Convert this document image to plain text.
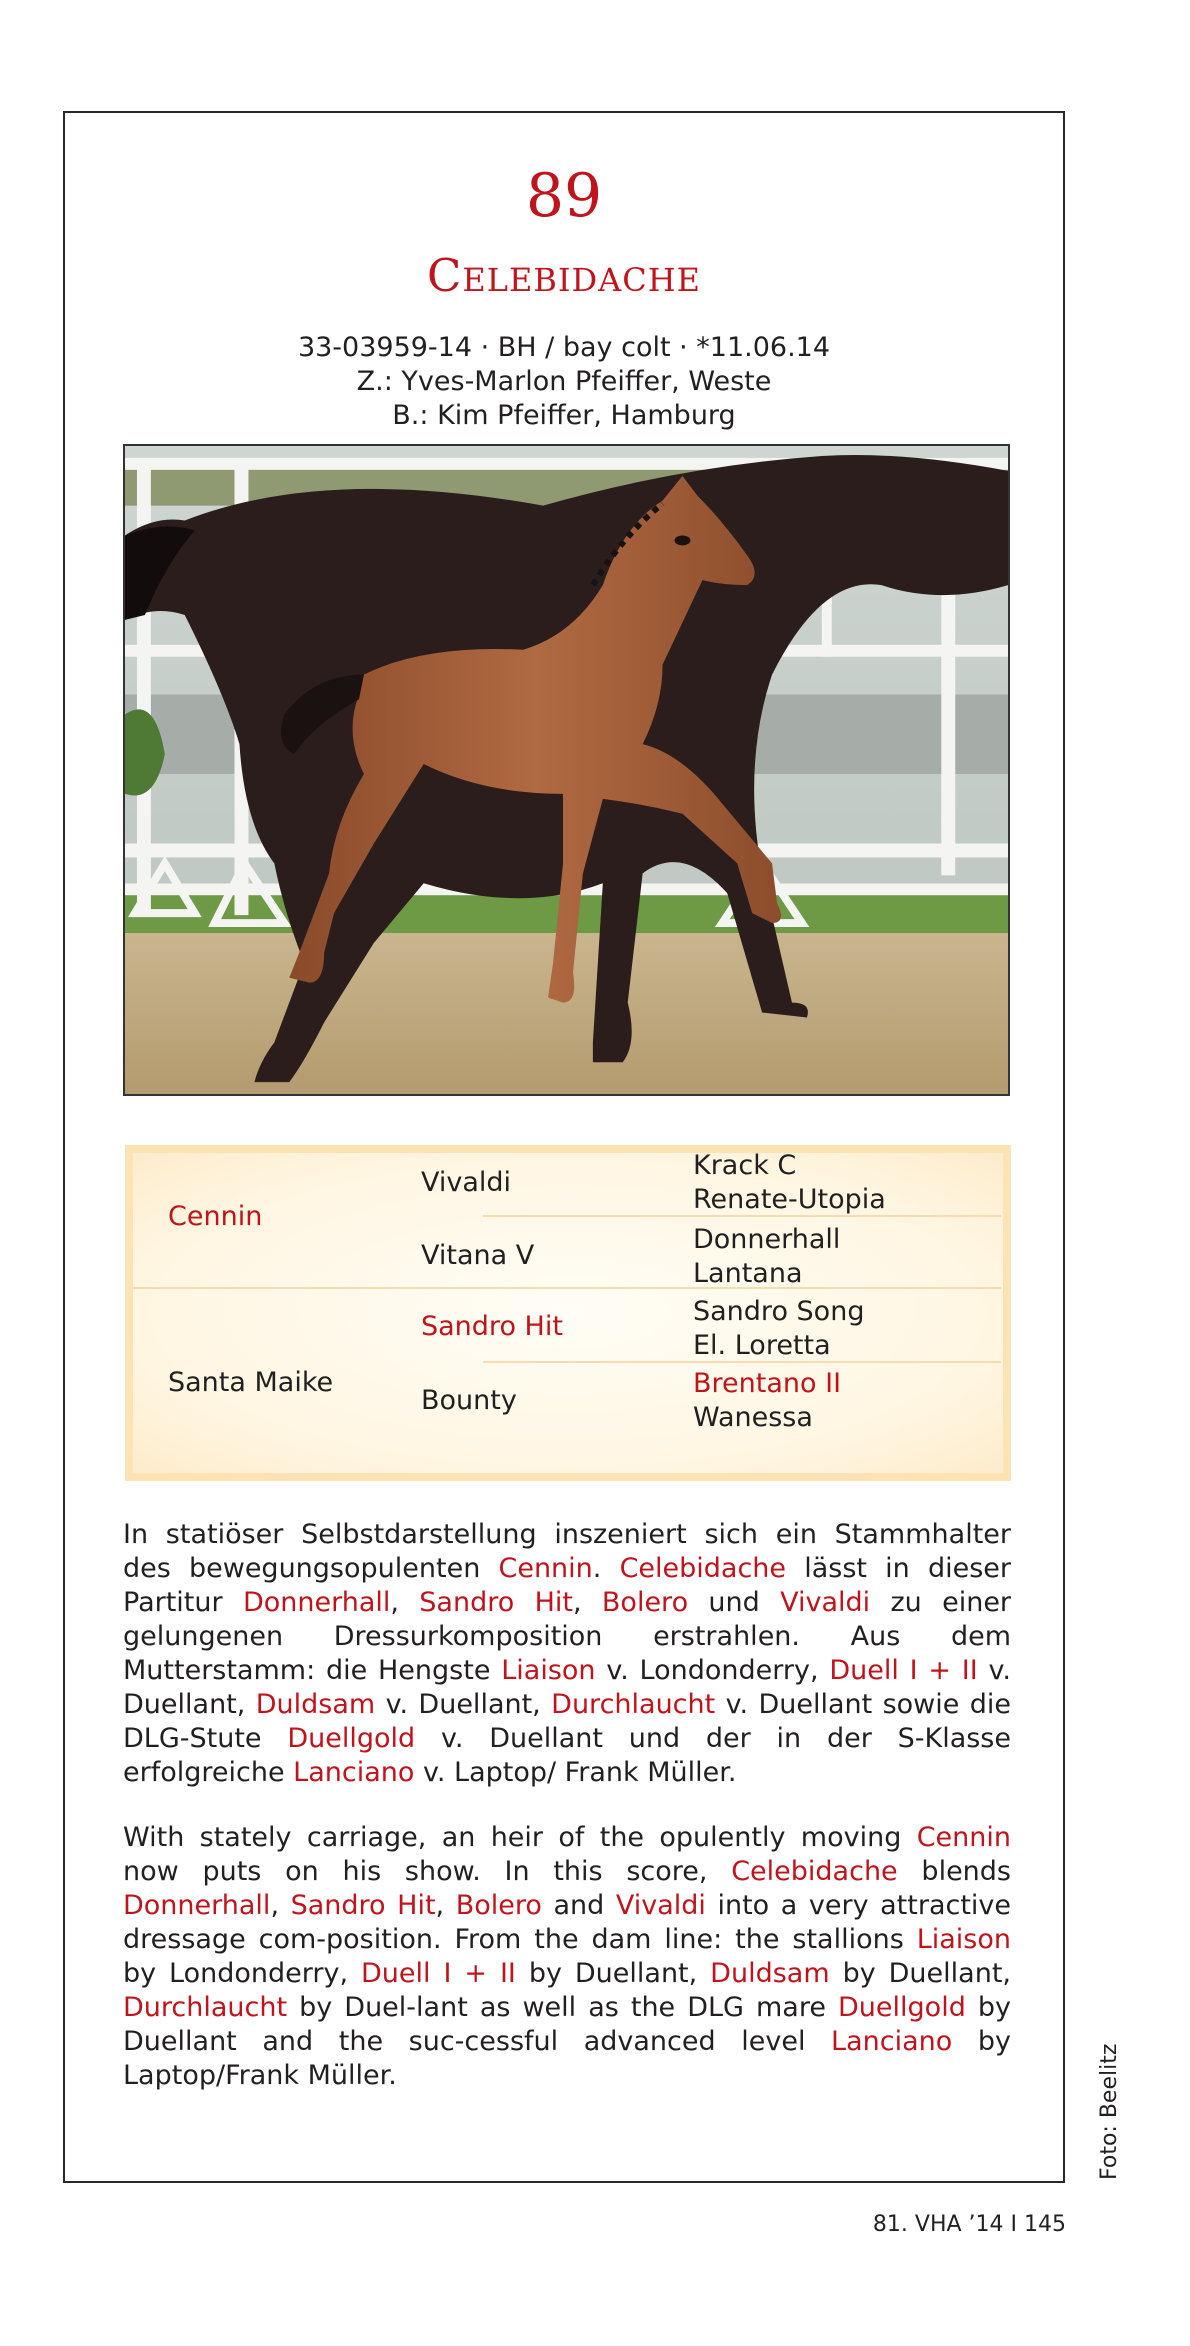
89
Celebidache
33-03959-14 · BH / bay colt · *11.06.14
Z.: Yves-Marlon Pfeiffer, Weste
B.: Kim Pfeiffer, Hamburg
Cennin
Santa Maike
Vivaldi
Vitana V
Sandro Hit
Bounty
Krack C
Renate-Utopia
Donnerhall
Lantana
Sandro Song
El. Loretta
Brentano II
Wanessa
In statiöser Selbstdarstellung inszeniert sich ein Stammhalter des bewegungsopulenten Cennin. Celebidache lässt in dieser Partitur Donnerhall, Sandro Hit, Bolero und Vivaldi zu einer gelungenen Dressurkomposition erstrahlen. Aus dem Mutterstamm: die Hengste Liaison v. Londonderry, Duell I + II v. Duellant, Duldsam v. Duellant, Durchlaucht v. Duellant sowie die DLG-Stute Duellgold v. Duellant und der in der S-Klasse erfolgreiche Lanciano v. Laptop/ Frank Müller.
With stately carriage, an heir of the opulently moving Cennin now puts on his show. In this score, Celebidache blends Donnerhall, Sandro Hit, Bolero and Vivaldi into a very attractive dressage com-position. From the dam line: the stallions Liaison by Londonderry, Duell I + II by Duellant, Duldsam by Duellant, Durchlaucht by Duel-lant as well as the DLG mare Duellgold by Duellant and the suc-cessful advanced level Lanciano by Laptop/Frank Müller.	Foto: Beelitz
81. VHA ’14 I 145
